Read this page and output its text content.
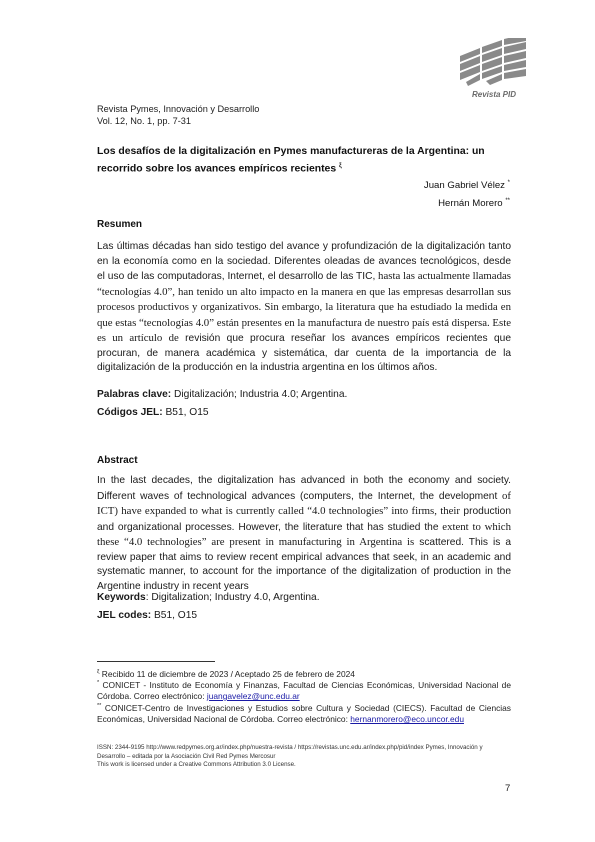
Revista PID
Revista Pymes, Innovación y Desarrollo
Vol. 12, No. 1, pp. 7-31
Los desafíos de la digitalización en Pymes manufactureras de la Argentina: un recorrido sobre los avances empíricos recientes $^\xi$
Juan Gabriel Vélez *
Hernán Morero **
Resumen
Las últimas décadas han sido testigo del avance y profundización de la digitalización tanto en la economía como en la sociedad. Diferentes oleadas de avances tecnológicos, desde el uso de las computadoras, Internet, el desarrollo de las TIC, hasta las actualmente llamadas “tecnologías 4.0”, han tenido un alto impacto en la manera en que las empresas desarrollan sus procesos productivos y organizativos. Sin embargo, la literatura que ha estudiado la medida en que estas “tecnologías 4.0” están presentes en la manufactura de nuestro país está dispersa. Este es un artículo de revisión que procura reseñar los avances empíricos recientes que procuran, de manera académica y sistemática, dar cuenta de la importancia de la digitalización de la producción en la industria argentina en los últimos años.
Palabras clave: Digitalización; Industria 4.0; Argentina.
Códigos JEL: B51, O15
Abstract
In the last decades, the digitalization has advanced in both the economy and society. Different waves of technological advances (computers, the Internet, the development of ICT) have expanded to what is currently called “4.0 technologies” into firms, their production and organizational processes. However, the literature that has studied the extent to which these “4.0 technologies” are present in manufacturing in Argentina is scattered. This is a review paper that aims to review recent empirical advances that seek, in an academic and systematic manner, to account for the importance of the digitalization of production in the Argentine industry in recent years
Keywords: Digitalization; Industry 4.0, Argentina.
JEL codes: B51, O15
$^\xi$ Recibido 11 de diciembre de 2023 / Aceptado 25 de febrero de 2024
* CONICET - Instituto de Economía y Finanzas, Facultad de Ciencias Económicas, Universidad Nacional de Córdoba. Correo electrónico: juangavelez@unc.edu.ar
** CONICET-Centro de Investigaciones y Estudios sobre Cultura y Sociedad (CIECS). Facultad de Ciencias Económicas, Universidad Nacional de Córdoba. Correo electrónico: hernanmorero@eco.uncor.edu
ISSN: 2344-9195 http://www.redpymes.org.ar/index.php/nuestra-revista / https://revistas.unc.edu.ar/index.php/pid/index Pymes, Innovación y Desarrollo – editada por la Asociación Civil Red Pymes Mercosur
This work is licensed under a Creative Commons Attribution 3.0 License.
7
